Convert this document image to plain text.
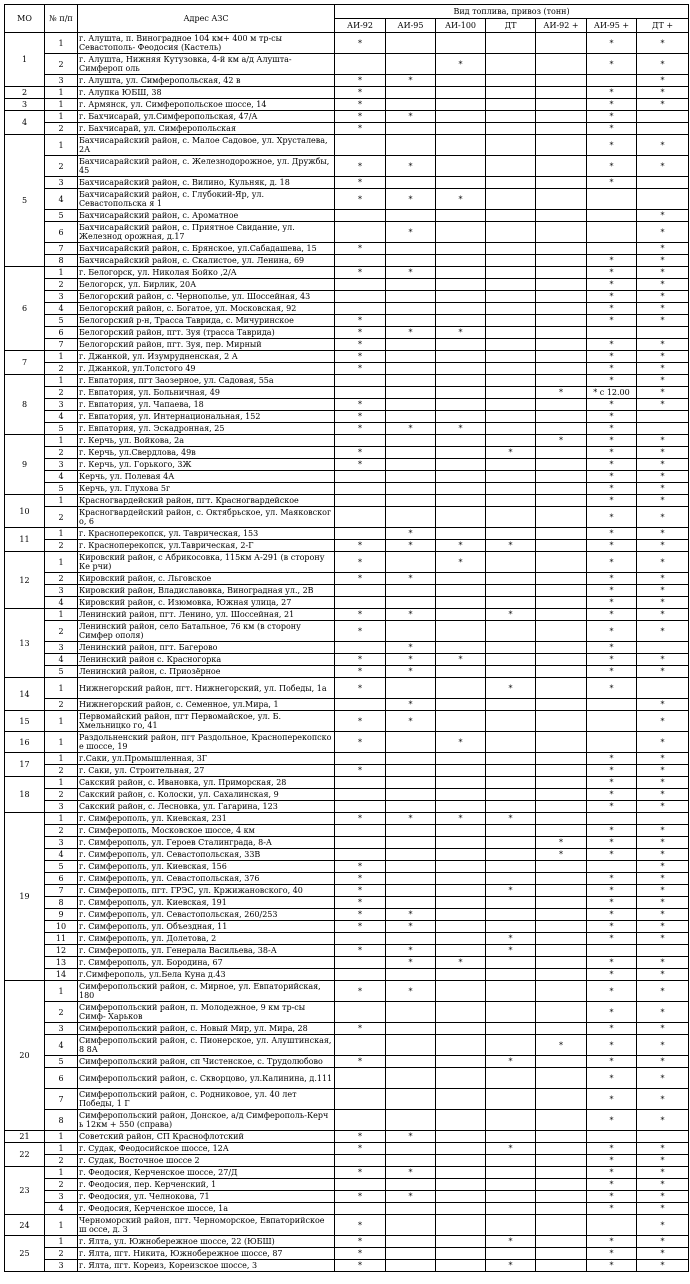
МО	№ п/п	Адрес АЗС	Вид топлива, привоз (тонн)						
			АИ-92	АИ-95	АИ-100	ДТ	АИ-92 +	АИ-95 +	ДТ +
1	1	г. Алушта, п. Виноградное 104 км+ 400 м тр-сы Севастополь- Феодосия (Кастель)	*					*	*
	2	г. Алушта, Нижняя Кутузовка, 4-й км а/д Алушта- Симфероп оль			*			*	*
	3	г. Алушта, ул. Симферопольская, 42 в	*	*					*
2	1	г. Алупка ЮБШ, 38	*					*	*
3	1	г. Армянск, ул. Симферопольское шоссе, 14	*					*	*
4	1	г. Бахчисарай, ул.Симферопольская, 47/А	*	*				*	
	2	г. Бахчисарай, ул. Симферопольская	*					*	
5	1	Бахчисарайский район, с. Малое Садовое, ул. Хрусталева, 2А						*	*
	2	Бахчисарайский район, с. Железнодорожное, ул. Дружбы, 45	*	*				*	*
	3	Бахчисарайский район, с. Вилино, Кульняк, д. 18	*					*	
	4	Бахчисарайский район, с. Глубокий-Яр, ул. Севастопольска я 1	*	*	*				
	5	Бахчисарайский район, с. Ароматное							*
	6	Бахчисарайский район, с. Приятное Свидание, ул. Железнод орожная, д.17		*					*
	7	Бахчисарайский район, с. Брянское, ул.Сабадашева, 15	*						*
	8	Бахчисарайский район, с. Скалистое, ул. Ленина, 69						*	*
6	1	г. Белогорск, ул. Николая Бойко ,2/А	*	*				*	*
	2	Белогорск, ул. Бирлик, 20А						*	*
	3	Белогорский район, с. Чернополье, ул. Шоссейная, 43						*	*
	4	Белогорский район, с. Богатое, ул. Московская, 92						*	*
	5	Белогорский р-н, Трасса Таврида, с. Мичуринское	*					*	*
	6	Белогорский район, пгт. Зуя (трасса Таврида)	*	*	*				
	7	Белогорский район, пгт. Зуя, пер. Мирный	*					*	*
7	1	г. Джанкой, ул. Изумрудненская, 2 А	*					*	*
	2	г. Джанкой, ул.Толстого 49	*					*	*
8	1	г. Евпатория, пгт Заозерное, ул. Садовая, 55а						*	*
	2	г. Евпатория, ул. Больничная, 49					*	* с 12.00	*
	3	г. Евпатория, ул. Чапаева, 18	*					*	*
	4	г. Евпатория, ул. Интернациональная, 152	*					*	
	5	г. Евпатория, ул. Эскадронная, 25	*	*	*			*	
9	1	г. Керчь, ул. Войкова, 2а					*	*	*
	2	г. Керчь, ул.Свердлова, 49в	*			*		*	*
	3	г. Керчь, ул. Горького, 3Ж	*					*	*
	4	Керчь, ул. Полевая 4А						*	*
	5	Керчь, ул. Глухова 5г						*	*
10	1	Красногвардейский район, пгт. Красногвардейское						*	*
	2	Красногвардейский район, с. Октябрьское, ул. Маяковског о, 6						*	*
11	1	г. Красноперекопск, ул. Таврическая, 153		*				*	*
	2	г. Красноперекопск, ул.Таврическая, 2-Г	*	*	*	*		*	*
12	1	Кировский район, с Абрикосовка, 115км А-291 (в сторону Ке рчи)	*		*			*	*
	2	Кировский район, с. Льговское	*	*				*	*
	3	Кировский район, Владиславовка, Виноградная ул., 2В						*	*
	4	Кировский район, с. Изюмовка, Южная улица, 27						*	*
13	1	Ленинский район, пгт. Ленино, ул. Шоссейная, 21	*	*		*		*	*
	2	Ленинский район, село Батальное, 76 км (в сторону Симфер ополя)	*					*	*
	3	Ленинский район, пгт. Багерово		*				*	
	4	Ленинский район с. Красногорка	*	*	*			*	*
	5	Ленинский район, с. Приозёрное	*	*				*	*
14	1	Нижнегорский район, пгт. Нижнегорский, ул. Победы, 1а	*			*		*	
	2	Нижнегорский район, с. Семенное, ул.Мира, 1		*					*
15	1	Первомайский район, пгт Первомайское, ул. Б. Хмельницко го, 41	*	*					*
16	1	Раздольненский район, пгт Раздольное, Красноперекопско е шоссе, 19	*		*				*
17	1	г.Саки, ул.Промышленная, 3Г						*	*
	2	г. Саки, ул. Строительная, 27	*					*	*
18	1	Сакский район, с. Ивановка, ул. Приморская, 28						*	*
	2	Сакский район, с. Колоски, ул. Сахалинская, 9						*	*
	3	Сакский район, с. Лесновка, ул. Гагарина, 123						*	*
19	1	г. Симферополь, ул. Киевская, 231	*	*	*	*			
	2	г. Симферополь, Московское шоссе, 4 км						*	*
	3	г. Симферополь, ул. Героев Сталинграда, 8-А					*	*	*
	4	г. Симферополь, ул. Севастопольская, 33В					*	*	*
	5	г. Симферополь, ул. Киевская, 156	*						*
	6	г. Симферополь, ул. Севастопольская, 376	*					*	*
	7	г. Симферополь, пгт. ГРЭС, ул. Кржижановского, 40	*			*		*	*
	8	г. Симферополь, ул. Киевская, 191	*					*	*
	9	г. Симферополь, ул. Севастопольская, 260/253	*	*				*	*
	10	г. Симферополь, ул. Объездная, 11	*	*				*	*
	11	г. Симферополь, ул. Долетова, 2				*		*	*
	12	г. Симферополь, ул. Генерала Васильева, 38-А	*	*		*			
	13	г. Симферополь, ул. Бородина, 67		*	*			*	*
	14	г.Симферополь, ул.Бела Куна д.43						*	*
20	1	Симферопольский район, с. Мирное, ул. Евпаторийская, 180	*	*				*	*
	2	Симферопольский район, п. Молодежное, 9 км тр-сы Симф- Харьков						*	*
	3	Симферопольский район, с. Новый Мир, ул. Мира, 28	*					*	*
	4	Симферопольский район, с. Пионерское, ул. Алуштинская, 8 8А					*	*	*
	5	Симферопольский район, сп Чистенское, с. Трудолюбово	*			*		*	*
	6	Симферопольский район, с. Скворцово, ул.Калинина, д.111						*	*
	7	Симферопольский район, с. Родниковое, ул. 40 лет Победы, 1 Г						*	*
	8	Симферопольский район, Донское, а/д Симферополь-Керч ь 12км + 550 (справа)						*	*
21	1	Советский район, СП Краснофлотский	*	*					
22	1	г. Судак, Феодосийское шоссе, 12А	*			*		*	*
	2	г. Судак, Восточное шоссе 2						*	*
23	1	г. Феодосия, Керченское шоссе, 27/Д	*	*				*	*
	2	г. Феодосия, пер. Керченский, 1						*	*
	3	г. Феодосия, ул. Челнокова, 71	*	*				*	*
	4	г. Феодосия, Керченское шоссе, 1а						*	*
24	1	Черноморский район, пгт. Черноморское, Евпаторийское ш оссе, д. 3	*						*
25	1	г. Ялта, ул. Южнобережное шоссе, 22 (ЮБШ)	*			*		*	*
	2	г. Ялта, пгт. Никита, Южнобережное шоссе, 87	*					*	*
	3	г. Ялта, пгт. Кореиз, Кореизское шоссе, 3	*			*		*	*
